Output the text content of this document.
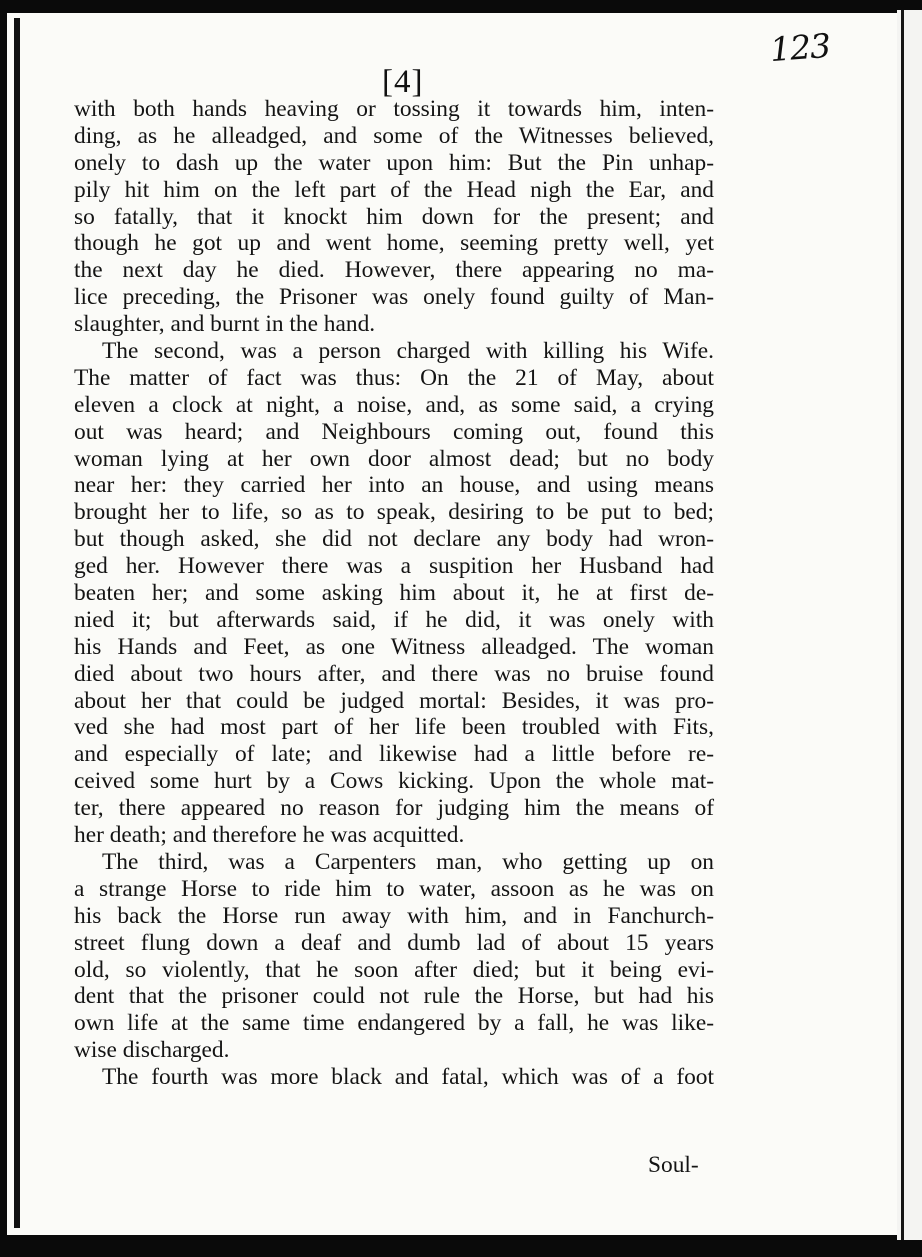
123
[4]
with both hands heaving or tossing it towards him, inten-
ding, as he alleadged, and some of the Witnesses believed,
onely to dash up the water upon him: But the Pin unhap-
pily hit him on the left part of the Head nigh the Ear, and
so fatally, that it knockt him down for the present; and
though he got up and went home, seeming pretty well, yet
the next day he died. However, there appearing no ma-
lice preceding, the Prisoner was onely found guilty of Man-
slaughter, and burnt in the hand.
The second, was a person charged with killing his Wife.
The matter of fact was thus: On the 21 of May, about
eleven a clock at night, a noise, and, as some said, a crying
out was heard; and Neighbours coming out, found this
woman lying at her own door almost dead; but no body
near her: they carried her into an house, and using means
brought her to life, so as to speak, desiring to be put to bed;
but though asked, she did not declare any body had wron-
ged her. However there was a suspition her Husband had
beaten her; and some asking him about it, he at first de-
nied it; but afterwards said, if he did, it was onely with
his Hands and Feet, as one Witness alleadged. The woman
died about two hours after, and there was no bruise found
about her that could be judged mortal: Besides, it was pro-
ved she had most part of her life been troubled with Fits,
and especially of late; and likewise had a little before re-
ceived some hurt by a Cows kicking. Upon the whole mat-
ter, there appeared no reason for judging him the means of
her death; and therefore he was acquitted.
The third, was a Carpenters man, who getting up on
a strange Horse to ride him to water, assoon as he was on
his back the Horse run away with him, and in Fanchurch-
street flung down a deaf and dumb lad of about 15 years
old, so violently, that he soon after died; but it being evi-
dent that the prisoner could not rule the Horse, but had his
own life at the same time endangered by a fall, he was like-
wise discharged.
The fourth was more black and fatal, which was of a foot
Soul-
